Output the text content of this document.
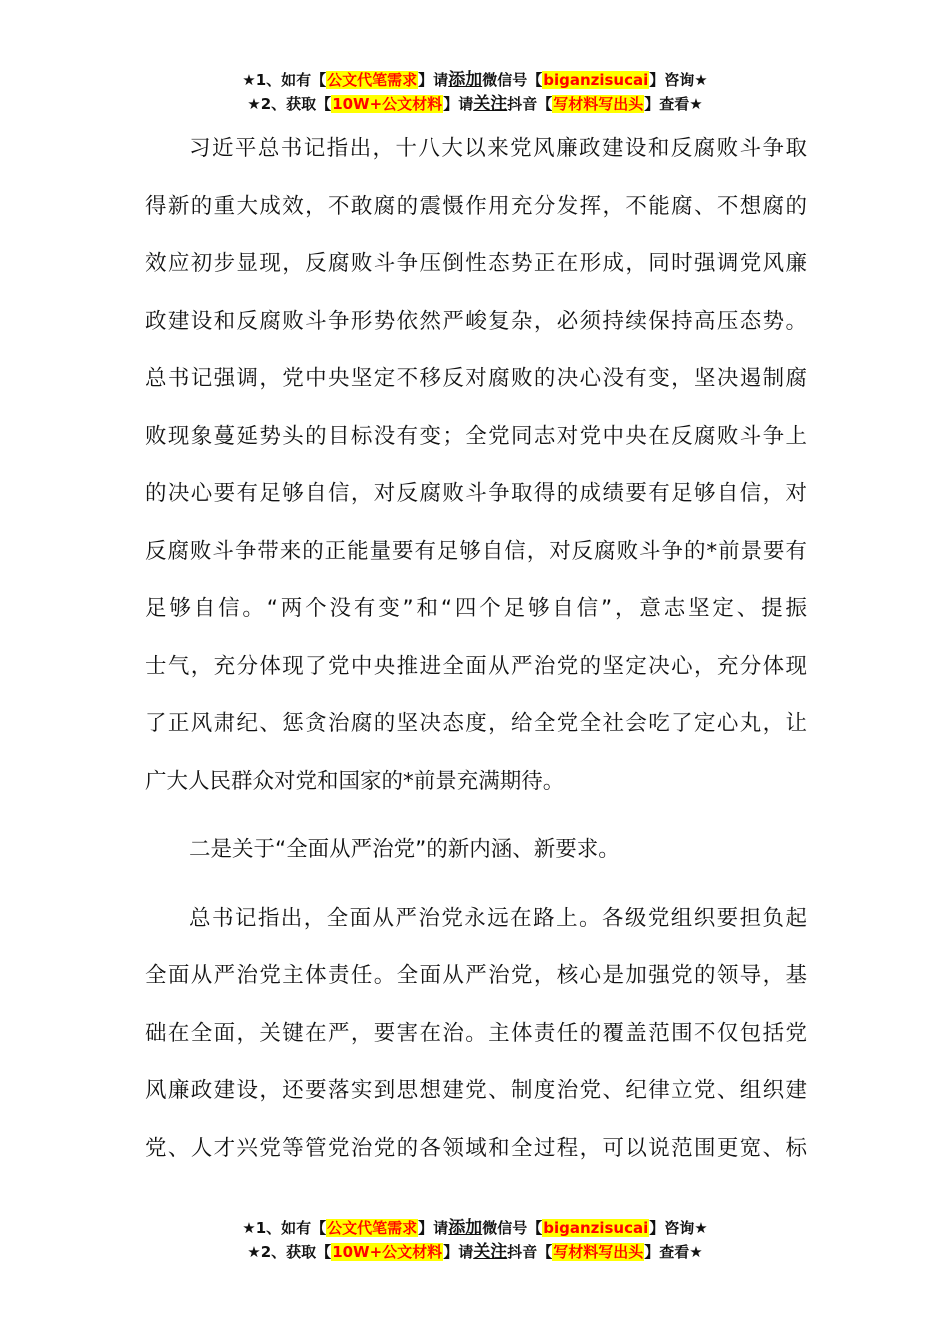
★1、如有【公文代笔需求】请添加微信号【biganzisucai】咨询★
★2、获取【10W+公文材料】请关注抖音【写材料写出头】查看★
习近平总书记指出，十八大以来党风廉政建设和反腐败斗争取
得新的重大成效，不敢腐的震慑作用充分发挥，不能腐、不想腐的
效应初步显现，反腐败斗争压倒性态势正在形成，同时强调党风廉
政建设和反腐败斗争形势依然严峻复杂，必须持续保持高压态势。
总书记强调，党中央坚定不移反对腐败的决心没有变，坚决遏制腐
败现象蔓延势头的目标没有变；全党同志对党中央在反腐败斗争上
的决心要有足够自信，对反腐败斗争取得的成绩要有足够自信，对
反腐败斗争带来的正能量要有足够自信，对反腐败斗争的*前景要有
足够自信。“两个没有变”和“四个足够自信”，意志坚定、提振
士气，充分体现了党中央推进全面从严治党的坚定决心，充分体现
了正风肃纪、惩贪治腐的坚决态度，给全党全社会吃了定心丸，让
广大人民群众对党和国家的*前景充满期待。
二是关于“全面从严治党”的新内涵、新要求。
总书记指出，全面从严治党永远在路上。各级党组织要担负起
全面从严治党主体责任。全面从严治党，核心是加强党的领导，基
础在全面，关键在严，要害在治。主体责任的覆盖范围不仅包括党
风廉政建设，还要落实到思想建党、制度治党、纪律立党、组织建
党、人才兴党等管党治党的各领域和全过程，可以说范围更宽、标
★1、如有【公文代笔需求】请添加微信号【biganzisucai】咨询★
★2、获取【10W+公文材料】请关注抖音【写材料写出头】查看★
